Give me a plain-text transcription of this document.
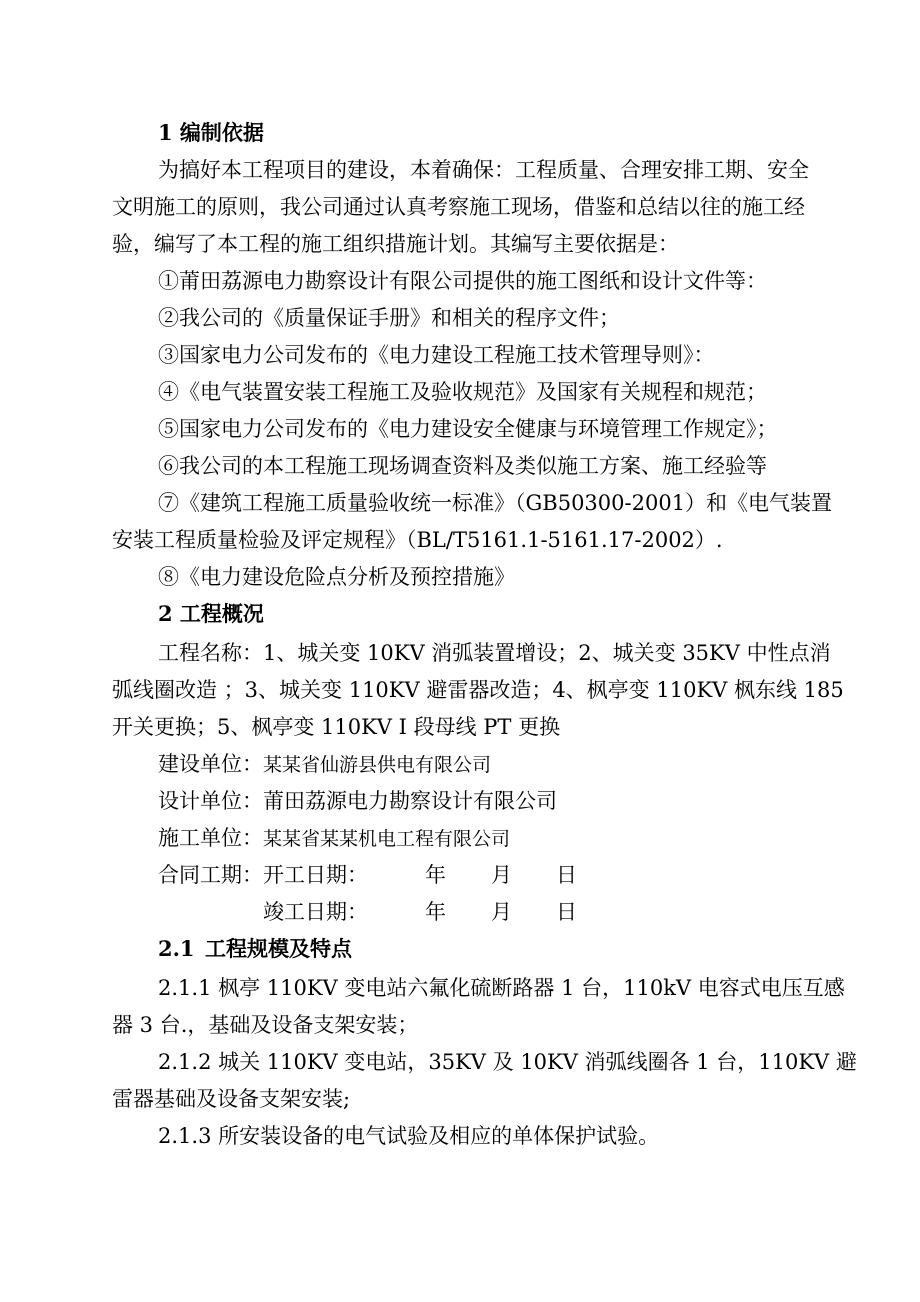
1 编制依据
为搞好本工程项目的建设，本着确保：工程质量、合理安排工期、安全
文明施工的原则，我公司通过认真考察施工现场，借鉴和总结以往的施工经
验，编写了本工程的施工组织措施计划。其编写主要依据是：
①莆田荔源电力勘察设计有限公司提供的施工图纸和设计文件等：
②我公司的《质量保证手册》和相关的程序文件；
③国家电力公司发布的《电力建设工程施工技术管理导则》：
④《电气装置安装工程施工及验收规范》及国家有关规程和规范；
⑤国家电力公司发布的《电力建设安全健康与环境管理工作规定》；
⑥我公司的本工程施工现场调查资料及类似施工方案、施工经验等
⑦《建筑工程施工质量验收统一标准》（GB50300-2001）和《电气装置
安装工程质量检验及评定规程》（BL/T5161.1-5161.17-2002）.
⑧《电力建设危险点分析及预控措施》
2 工程概况
工程名称：1、城关变 10KV 消弧装置增设；2、城关变 35KV 中性点消
弧线圈改造 ；3、城关变 110KV 避雷器改造；4、枫亭变 110KV 枫东线 185
开关更换；5、枫亭变 110KV I 段母线 PT 更换
建设单位：某某省仙游县供电有限公司
设计单位：莆田荔源电力勘察设计有限公司
施工单位：某某省某某机电工程有限公司
合同工期： 开工日期：	年 月 日
竣工日期：	年 月 日
2.1 工程规模及特点
2.1.1 枫亭 110KV 变电站六氟化硫断路器 1 台，110kV 电容式电压互感
器 3 台.，基础及设备支架安装；
2.1.2 城关 110KV 变电站，35KV 及 10KV 消弧线圈各 1 台，110KV 避
雷器基础及设备支架安装;
2.1.3 所安装设备的电气试验及相应的单体保护试验。
